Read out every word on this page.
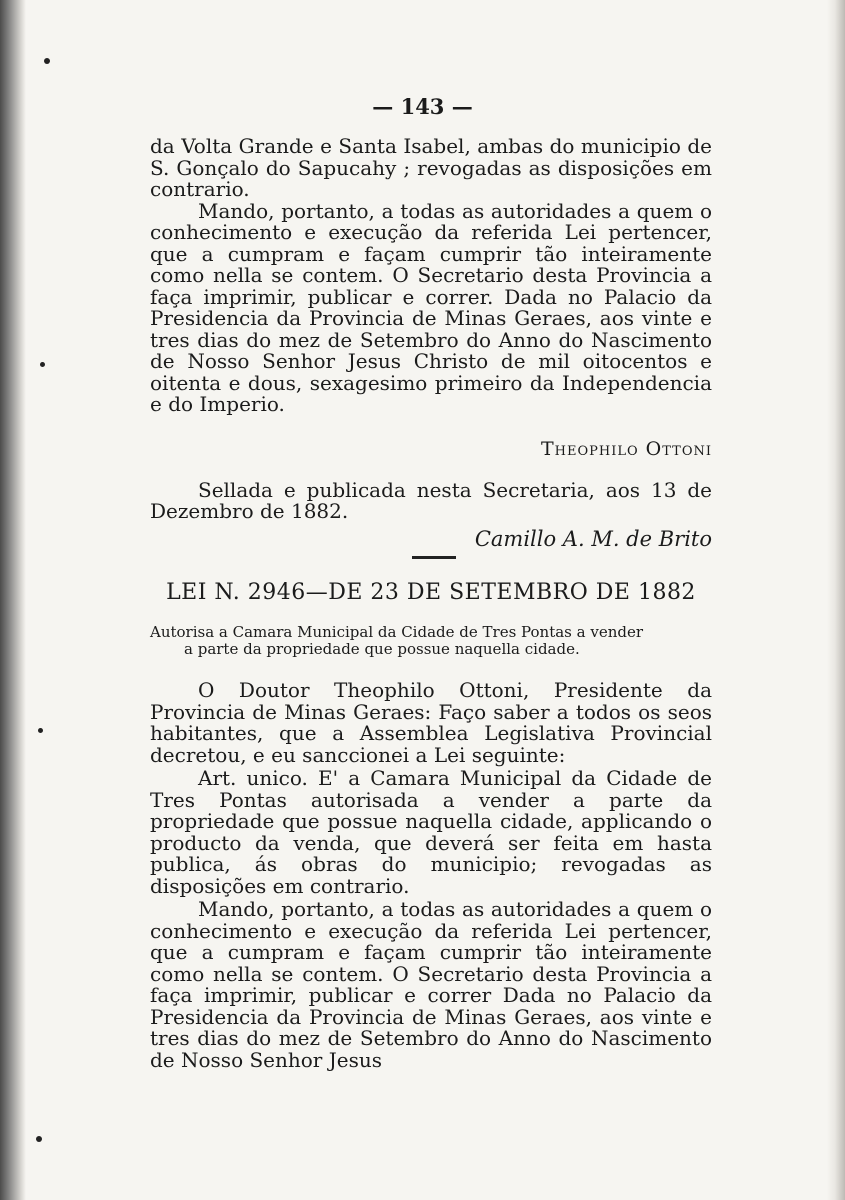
— 143 —

da Volta Grande e Santa Isabel, ambas do municipio de S. Gonçalo do Sapucahy ; revogadas as disposições em contrario.

Mando, portanto, a todas as autoridades a quem o conhecimento e execução da referida Lei pertencer, que a cumpram e façam cumprir tão inteiramente como nella se contem. O Secretario desta Provincia a faça imprimir, publicar e correr. Dada no Palacio da Presidencia da Provincia de Minas Geraes, aos vinte e tres dias do mez de Setembro do Anno do Nascimento de Nosso Senhor Jesus Christo de mil oitocentos e oitenta e dous, sexagesimo primeiro da Independencia e do Imperio.

Theophilo Ottoni

Sellada e publicada nesta Secretaria, aos 13 de Dezembro de 1882.

Camillo A. M. de Brito
LEI N. 2946—DE 23 DE SETEMBRO DE 1882

Autorisa a Camara Municipal da Cidade de Tres Pontas a vender
a parte da propriedade que possue naquella cidade.

O Doutor Theophilo Ottoni, Presidente da Provincia de Minas Geraes: Faço saber a todos os seos habitantes, que a Assemblea Legislativa Provincial decretou, e eu sanccionei a Lei seguinte:

Art. unico. E' a Camara Municipal da Cidade de Tres Pontas autorisada a vender a parte da propriedade que possue naquella cidade, applicando o producto da venda, que deverá ser feita em hasta publica, ás obras do municipio; revogadas as disposições em contrario.

Mando, portanto, a todas as autoridades a quem o conhecimento e execução da referida Lei pertencer, que a cumpram e façam cumprir tão inteiramente como nella se contem. O Secretario desta Provincia a faça imprimir, publicar e correr Dada no Palacio da Presidencia da Provincia de Minas Geraes, aos vinte e tres dias do mez de Setembro do Anno do Nascimento de Nosso Senhor Jesus
